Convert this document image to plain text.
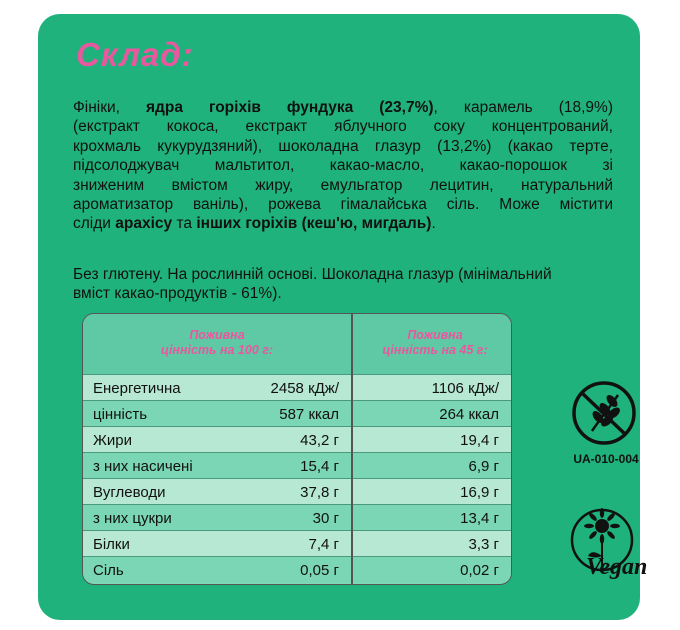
Склад:
Фініки, ядра горіхів фундука (23,7%), карамель (18,9%)
(екстракт кокоса, екстракт яблучного соку концентрований,
крохмаль кукурудзяний), шоколадна глазур (13,2%) (какао терте,
підсолоджувач мальтитол, какао-масло, какао-порошок зі
зниженим вмістом жиру, емульгатор лецитин, натуральний
ароматизатор ваніль), рожева гімалайська сіль. Може містити
сліди арахісу та інших горіхів (кеш'ю, мигдаль).
Без глютену. На рослинній основі. Шоколадна глазур (мінімальний
вміст какао-продуктів - 61%).
Поживна
цінність на 100 г:
Поживна
цінність на 45 г:
Енергетична	2458 кДж/	1106 кДж/
цінність	587 ккал	264 ккал
Жири	43,2 г	19,4 г
з них насичені	15,4 г	6,9 г
Вуглеводи	37,8 г	16,9 г
з них цукри	30 г	13,4 г
Білки	7,4 г	3,3 г
Сіль	0,05 г	0,02 г
UA-010-004
Vegan
